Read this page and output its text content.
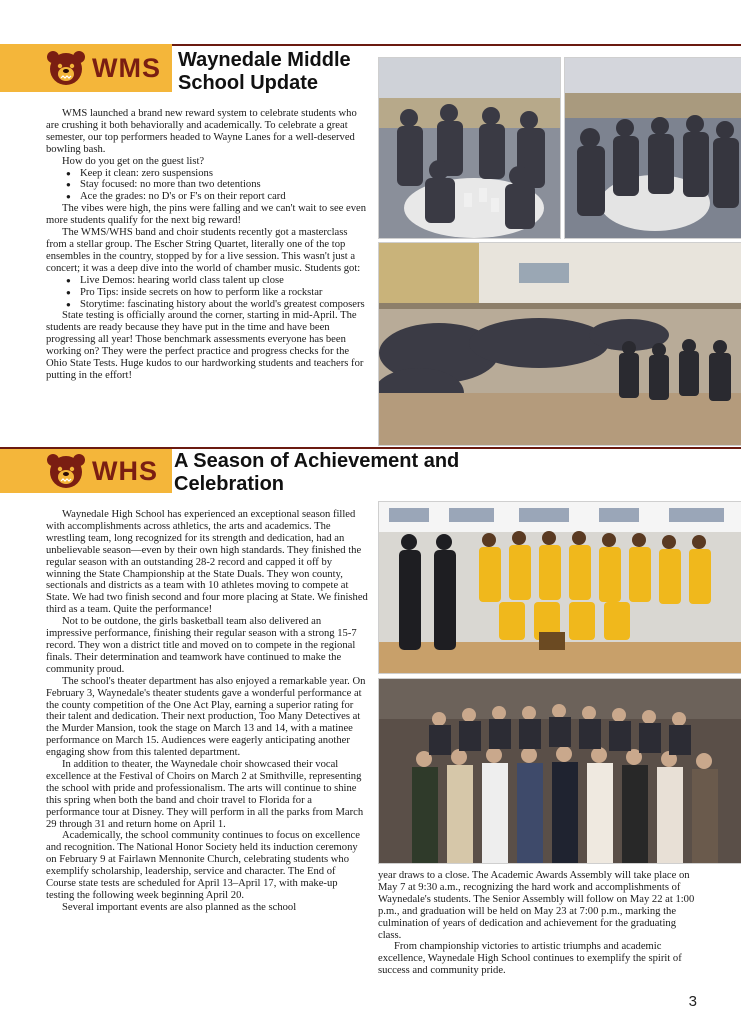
WMS Waynedale Middle School Update

WMS launched a brand new reward system to celebrate students who are crushing it both behaviorally and academically. To celebrate a great semester, our top performers headed to Wayne Lanes for a well-deserved bowling bash.

How do you get on the guest list?

● Keep it clean: zero suspensions
● Stay focused: no more than two detentions
● Ace the grades: no D's or F's on their report card

The vibes were high, the pins were falling and we can't wait to see even more students qualify for the next big reward!

The WMS/WHS band and choir students recently got a masterclass from a stellar group. The Escher String Quartet, literally one of the top ensembles in the country, stopped by for a live session. This wasn't just a concert; it was a deep dive into the world of chamber music. Students got:

● Live Demos: hearing world class talent up close
● Pro Tips: inside secrets on how to perform like a rockstar
● Storytime: fascinating history about the world's greatest composers

State testing is officially around the corner, starting in mid-April. The students are ready because they have put in the time and have been progressing all year! Those benchmark assessments everyone has been working on? They were the perfect practice and progress checks for the Ohio State Tests. Huge kudos to our hardworking students and teachers for putting in the effort!

WHS A Season of Achievement and Celebration

Waynedale High School has experienced an exceptional season filled with accomplishments across athletics, the arts and academics. The wrestling team, long recognized for its strength and dedication, had an unbelievable season—even by their own high standards. They finished the regular season with an outstanding 28-2 record and capped it off by winning the State Championship at the State Duals. They won county, sectionals and districts as a team with 10 athletes moving to compete at State. We had two finish second and four more placing at State. We finished third as a team. Quite the performance!

Not to be outdone, the girls basketball team also delivered an impressive performance, finishing their regular season with a strong 15-7 record. They won a district title and moved on to compete in the regional finals. Their determination and teamwork have continued to make the community proud.

The school's theater department has also enjoyed a remarkable year. On February 3, Waynedale's theater students gave a wonderful performance at the county competition of the One Act Play, earning a superior rating for their talent and dedication. Their next production, Too Many Detectives at the Murder Mansion, took the stage on March 13 and 14, with a matinee performance on March 15. Audiences were eagerly anticipating another engaging show from this talented department.

In addition to theater, the Waynedale choir showcased their vocal excellence at the Festival of Choirs on March 2 at Smithville, representing the school with pride and professionalism. The arts will continue to shine this spring when both the band and choir travel to Florida for a performance tour at Disney. They will perform in all the parks from March 29 through 31 and return home on April 1.

Academically, the school community continues to focus on excellence and recognition. The National Honor Society held its induction ceremony on February 9 at Fairlawn Mennonite Church, celebrating students who exemplify scholarship, leadership, service and character. The End of Course state tests are scheduled for April 13–April 17, with make-up testing the following week beginning April 20.

Several important events are also planned as the school

year draws to a close. The Academic Awards Assembly will take place on May 7 at 9:30 a.m., recognizing the hard work and accomplishments of Waynedale's students. The Senior Assembly will follow on May 22 at 1:00 p.m., and graduation will be held on May 23 at 7:00 p.m., marking the culmination of years of dedication and achievement for the graduating class.

From championship victories to artistic triumphs and academic excellence, Waynedale High School continues to exemplify the spirit of success and community pride.

3
